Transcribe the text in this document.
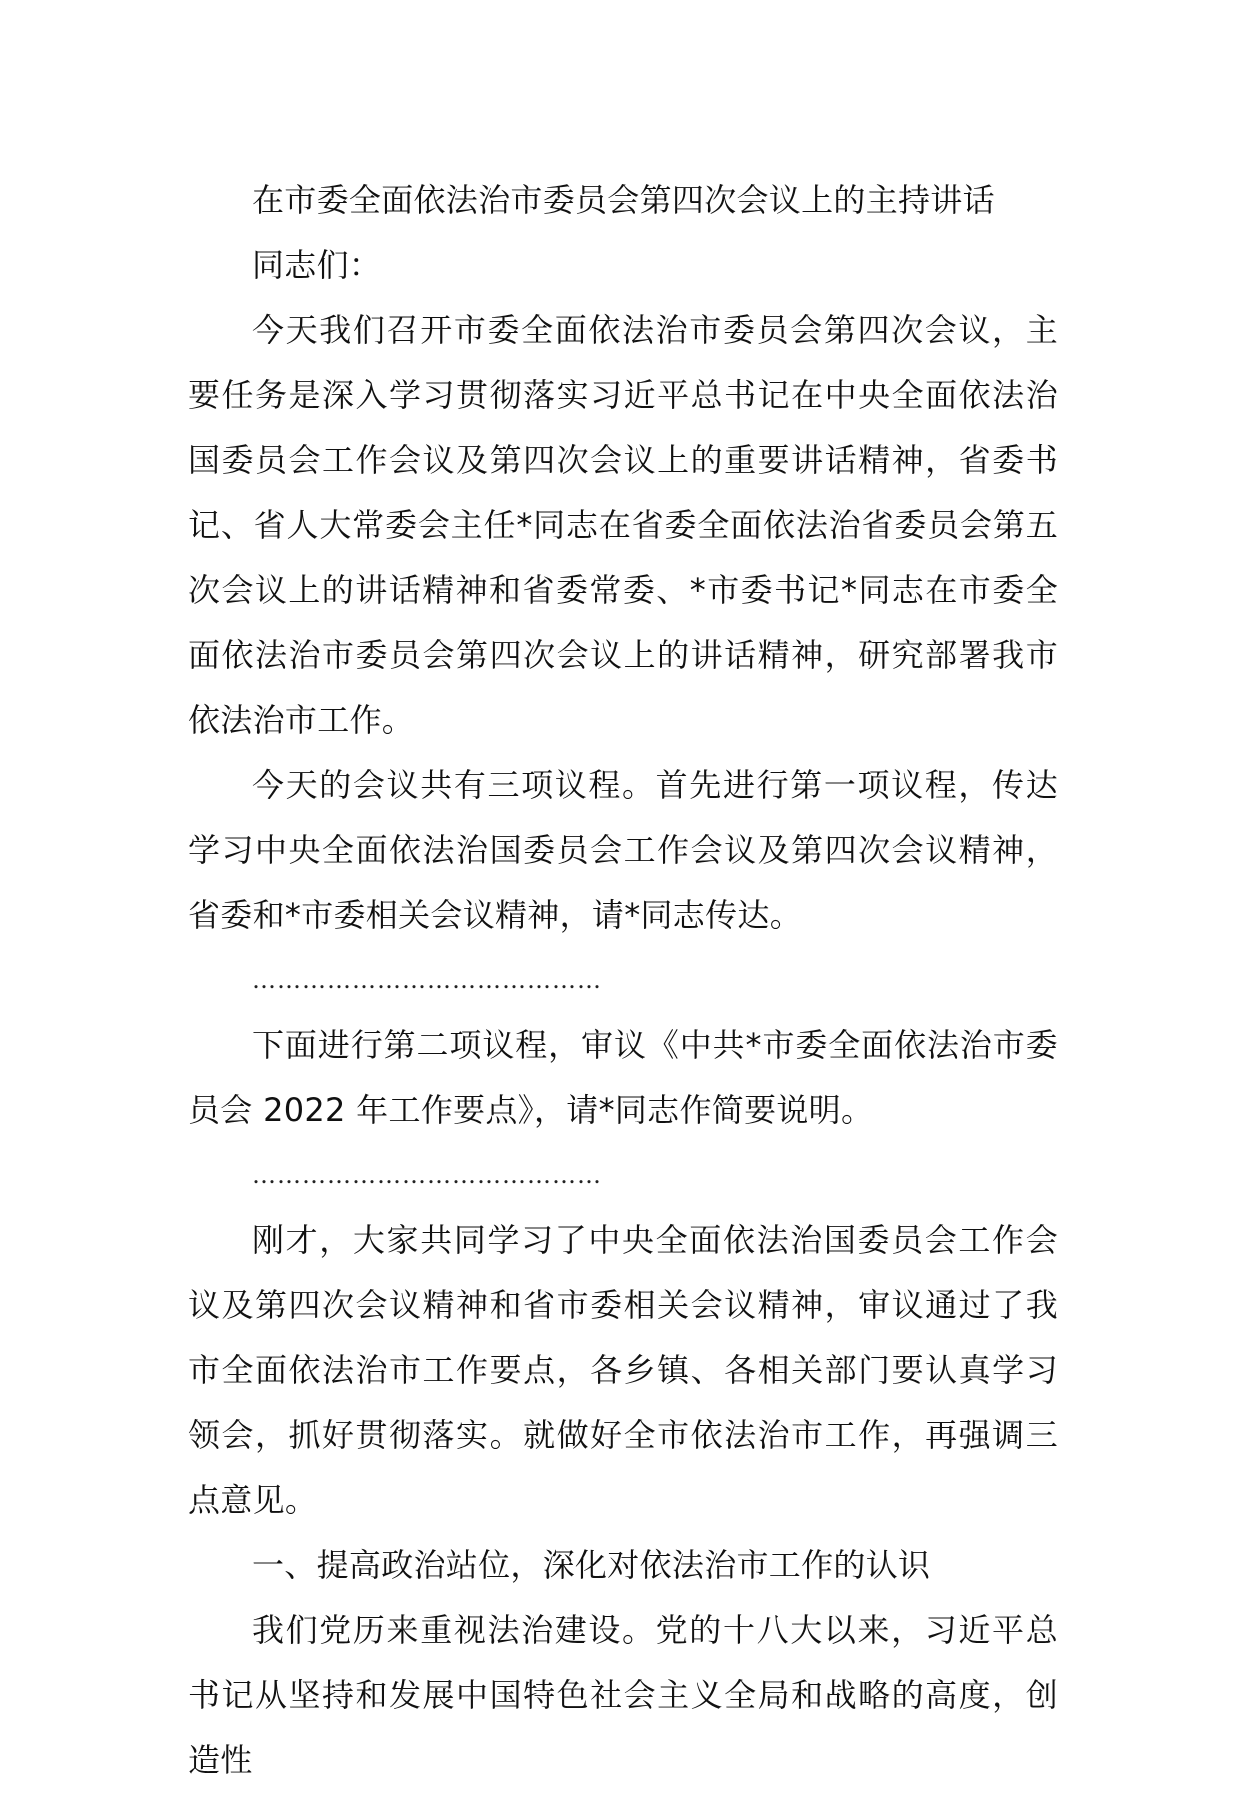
在市委全面依法治市委员会第四次会议上的主持讲话

同志们：

今天我们召开市委全面依法治市委员会第四次会议，主要任务是深入学习贯彻落实习近平总书记在中央全面依法治国委员会工作会议及第四次会议上的重要讲话精神，省委书记、省人大常委会主任*同志在省委全面依法治省委员会第五次会议上的讲话精神和省委常委、*市委书记*同志在市委全面依法治市委员会第四次会议上的讲话精神，研究部署我市依法治市工作。

今天的会议共有三项议程。首先进行第一项议程，传达学习中央全面依法治国委员会工作会议及第四次会议精神，省委和*市委相关会议精神，请*同志传达。

……………………………………

下面进行第二项议程，审议《中共*市委全面依法治市委员会 2022 年工作要点》，请*同志作简要说明。

……………………………………

刚才，大家共同学习了中央全面依法治国委员会工作会议及第四次会议精神和省市委相关会议精神，审议通过了我市全面依法治市工作要点，各乡镇、各相关部门要认真学习领会，抓好贯彻落实。就做好全市依法治市工作，再强调三点意见。

一、提高政治站位，深化对依法治市工作的认识

我们党历来重视法治建设。党的十八大以来，习近平总书记从坚持和发展中国特色社会主义全局和战略的高度，创造性
